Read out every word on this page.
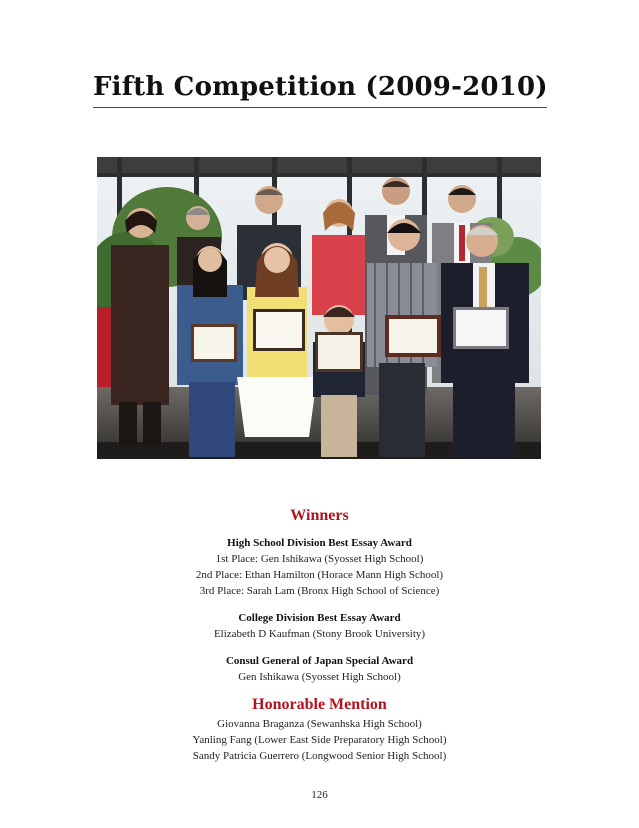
Fifth Competition (2009-2010)
Winners

High School Division Best Essay Award

1st Place: Gen Ishikawa (Syosset High School)

2nd Place: Ethan Hamilton (Horace Mann High School)

3rd Place: Sarah Lam (Bronx High School of Science)

College Division Best Essay Award

Elizabeth D Kaufman (Stony Brook University)

Consul General of Japan Special Award

Gen Ishikawa (Syosset High School)

Honorable Mention

Giovanna Braganza (Sewanhska High School)

Yanling Fang (Lower East Side Preparatory High School)

Sandy Patricia Guerrero (Longwood Senior High School)

126
